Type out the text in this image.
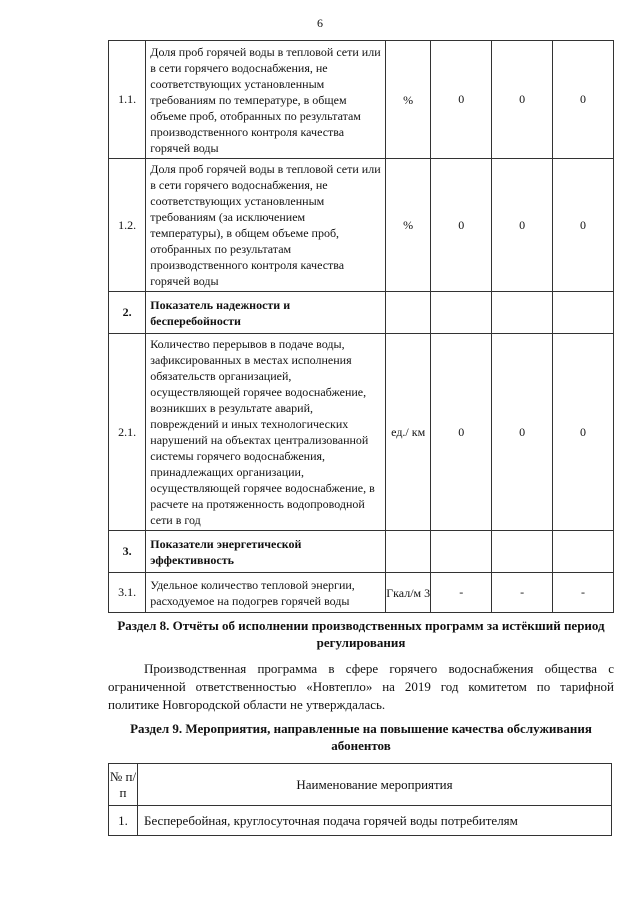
6
1.1.	Доля проб горячей воды в тепловой сети или в сети горячего водоснабжения, не соответствующих установленным требованиям по температуре, в общем объеме проб, отобранных по результатам производственного контроля качества горячей воды	%	0	0	0
1.2.	Доля проб горячей воды в тепловой сети или в сети горячего водоснабжения, не соответствующих установленным требованиям (за исключением температуры), в общем объеме проб, отобранных по результатам производственного контроля качества горячей воды	%	0	0	0
2.	Показатель надежности и бесперебойности				
2.1.	Количество перерывов в подаче воды, зафиксированных в местах исполнения обязательств организацией, осуществляющей горячее водоснабжение, возникших в результате аварий, повреждений и иных технологических нарушений на объектах централизованной системы горячего водоснабжения, принадлежащих организации, осуществляющей горячее водоснабжение, в расчете на протяженность водопроводной сети в год	ед./ км	0	0	0
3.	Показатели энергетической эффективность				
3.1.	Удельное количество тепловой энергии, расходуемое на подогрев горячей воды	Гкал/м 3	-	-	-
Раздел 8. Отчёты об исполнении производственных программ за истёкший период регулирования
Производственная программа в сфере горячего водоснабжения общества с ограниченной ответственностью «Новтепло» на 2019 год комитетом по тарифной политике Новгородской области не утверждалась.
Раздел 9. Мероприятия, направленные на повышение качества обслуживания абонентов
№ п/п	Наименование мероприятия
1.	Бесперебойная, круглосуточная подача горячей воды потребителям
